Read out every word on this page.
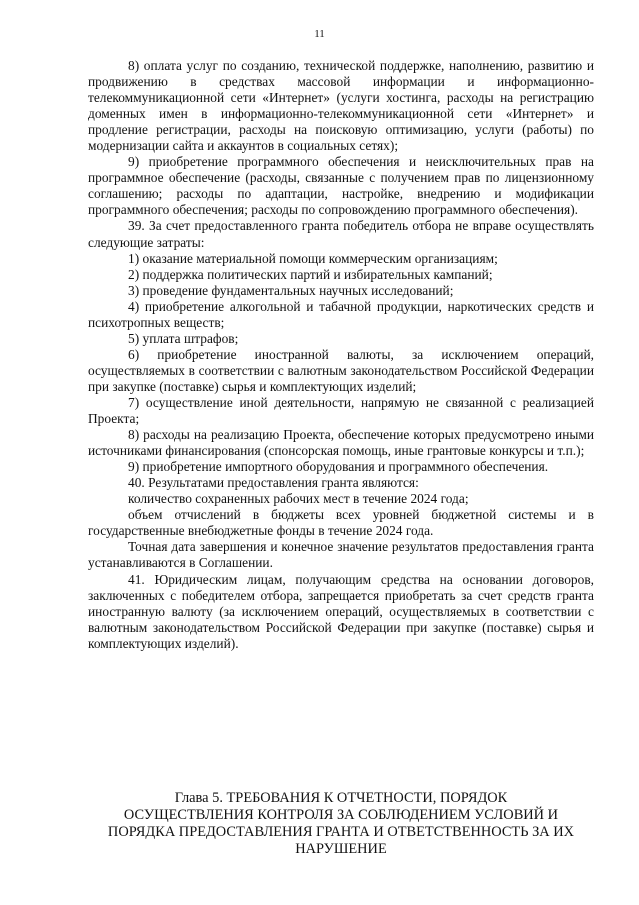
11

8) оплата услуг по созданию, технической поддержке, наполнению, развитию и продвижению в средствах массовой информации и информационно-телекоммуникационной сети «Интернет» (услуги хостинга, расходы на регистрацию доменных имен в информационно-телекоммуникационной сети «Интернет» и продление регистрации, расходы на поисковую оптимизацию, услуги (работы) по модернизации сайта и аккаунтов в социальных сетях);

9) приобретение программного обеспечения и неисключительных прав на программное обеспечение (расходы, связанные с получением прав по лицензионному соглашению; расходы по адаптации, настройке, внедрению и модификации программного обеспечения; расходы по сопровождению программного обеспечения).

39. За счет предоставленного гранта победитель отбора не вправе осуществлять следующие затраты:

1) оказание материальной помощи коммерческим организациям;

2) поддержка политических партий и избирательных кампаний;

3) проведение фундаментальных научных исследований;

4) приобретение алкогольной и табачной продукции, наркотических средств и психотропных веществ;

5) уплата штрафов;

6) приобретение иностранной валюты, за исключением операций, осуществляемых в соответствии с валютным законодательством Российской Федерации при закупке (поставке) сырья и комплектующих изделий;

7) осуществление иной деятельности, напрямую не связанной с реализацией Проекта;

8) расходы на реализацию Проекта, обеспечение которых предусмотрено иными источниками финансирования (спонсорская помощь, иные грантовые конкурсы и т.п.);

9) приобретение импортного оборудования и программного обеспечения.

40. Результатами предоставления гранта являются:

количество сохраненных рабочих мест в течение 2024 года;

объем отчислений в бюджеты всех уровней бюджетной системы и в государственные внебюджетные фонды в течение 2024 года.

Точная дата завершения и конечное значение результатов предоставления гранта устанавливаются в Соглашении.

41. Юридическим лицам, получающим средства на основании договоров, заключенных с победителем отбора, запрещается приобретать за счет средств гранта иностранную валюту (за исключением операций, осуществляемых в соответствии с валютным законодательством Российской Федерации при закупке (поставке) сырья и комплектующих изделий).

Глава 5. ТРЕБОВАНИЯ К ОТЧЕТНОСТИ, ПОРЯДОК
ОСУЩЕСТВЛЕНИЯ КОНТРОЛЯ ЗА СОБЛЮДЕНИЕМ УСЛОВИЙ И
ПОРЯДКА ПРЕДОСТАВЛЕНИЯ ГРАНТА И ОТВЕТСТВЕННОСТЬ ЗА ИХ
НАРУШЕНИЕ
